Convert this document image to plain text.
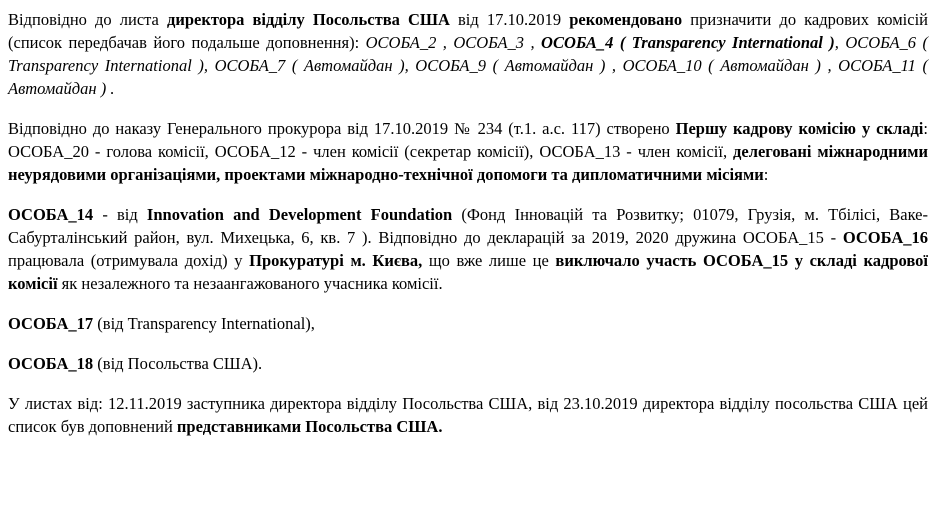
Відповідно до листа директора відділу Посольства США від 17.10.2019 рекомендовано призначити до кадрових комісій (список передбачав його подальше доповнення): ОСОБА_2 , ОСОБА_3 , ОСОБА_4 ( Transparency International ), ОСОБА_6 ( Transparency International ), ОСОБА_7 ( Автомайдан ), ОСОБА_9 ( Автомайдан ) , ОСОБА_10 ( Автомайдан ) , ОСОБА_11 ( Автомайдан ) .

Відповідно до наказу Генерального прокурора від 17.10.2019 № 234 (т.1. а.с. 117) створено Першу кадрову комісію у складі: ОСОБА_20 - голова комісії, ОСОБА_12 - член комісії (секретар комісії), ОСОБА_13 - член комісії, делеговані міжнародними неурядовими організаціями, проектами міжнародно-технічної допомоги та дипломатичними місіями:

ОСОБА_14 - від Innovation and Development Foundation (Фонд Інновацій та Розвитку; 01079, Грузія, м. Тбілісі, Ваке-Сабурталінський район, вул. Михецька, 6, кв. 7 ). Відповідно до декларацій за 2019, 2020 дружина ОСОБА_15 - ОСОБА_16 працювала (отримувала дохід) у Прокуратурі м. Києва, що вже лише це виключало участь ОСОБА_15 у складі кадрової комісії як незалежного та незаангажованого учасника комісії.

ОСОБА_17 (від Transparency International),

ОСОБА_18 (від Посольства США).

У листах від: 12.11.2019 заступника директора відділу Посольства США, від 23.10.2019 директора відділу посольства США цей список був доповнений представниками Посольства США.
